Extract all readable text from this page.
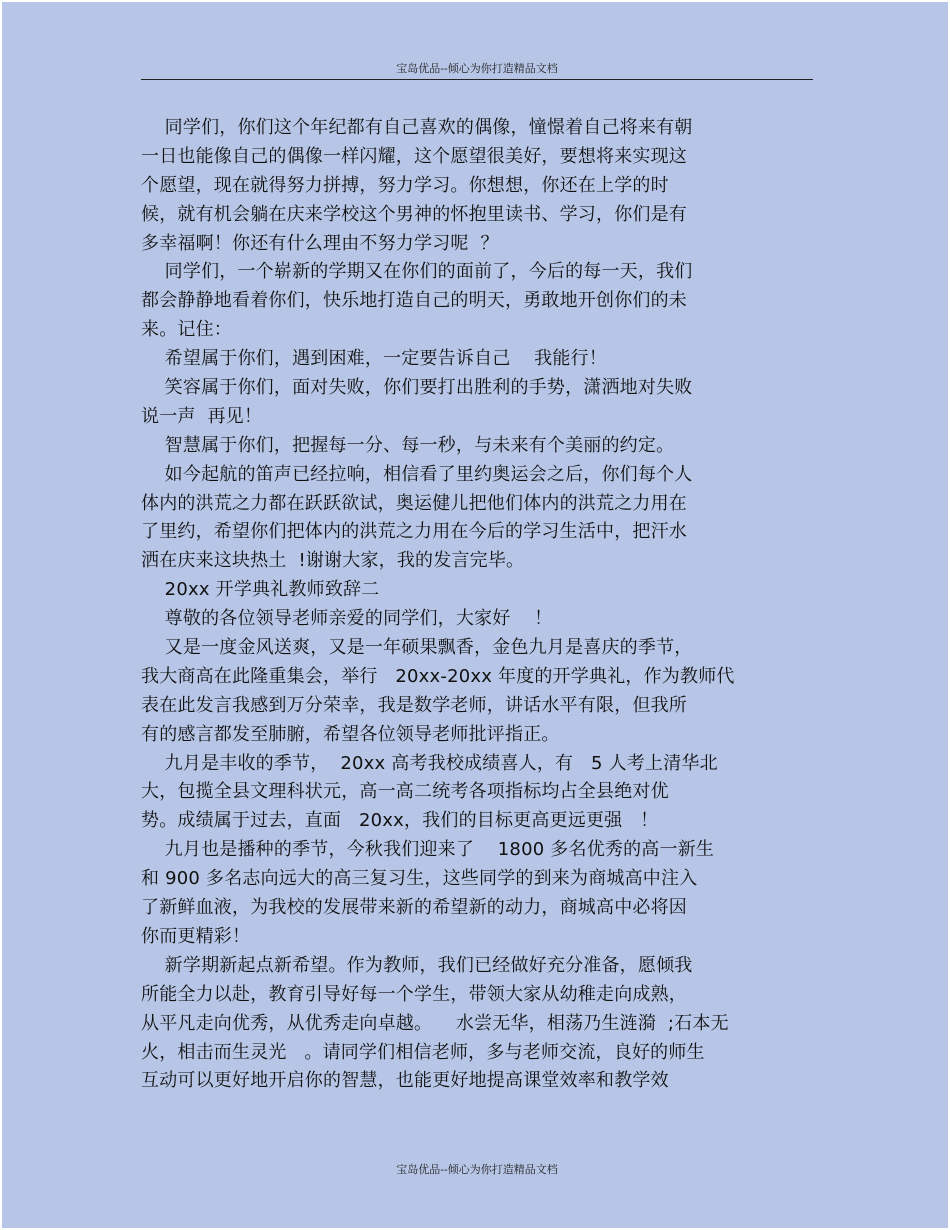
宝岛优品--倾心为你打造精品文档
同学们，你们这个年纪都有自己喜欢的偶像，憧憬着自己将来有朝
一日也能像自己的偶像一样闪耀，这个愿望很美好，要想将来实现这
个愿望，现在就得努力拼搏，努力学习。你想想，你还在上学的时
候，就有机会躺在庆来学校这个男神的怀抱里读书、学习，你们是有
多幸福啊！你还有什么理由不努力学习呢  ？
同学们，一个崭新的学期又在你们的面前了，今后的每一天，我们
都会静静地看着你们，快乐地打造自己的明天，勇敢地开创你们的未
来。记住：
希望属于你们，遇到困难，一定要告诉自己    我能行！
笑容属于你们，面对失败，你们要打出胜利的手势，潇洒地对失败
说一声  再见！
智慧属于你们，把握每一分、每一秒，与未来有个美丽的约定。
如今起航的笛声已经拉响，相信看了里约奥运会之后，你们每个人
体内的洪荒之力都在跃跃欲试，奥运健儿把他们体内的洪荒之力用在
了里约，希望你们把体内的洪荒之力用在今后的学习生活中，把汗水
洒在庆来这块热土  !谢谢大家，我的发言完毕。
20xx 开学典礼教师致辞二
尊敬的各位领导老师亲爱的同学们，大家好    ！
又是一度金风送爽，又是一年硕果飘香，金色九月是喜庆的季节，
我大商高在此隆重集会，举行   20xx-20xx 年度的开学典礼，作为教师代
表在此发言我感到万分荣幸，我是数学老师，讲话水平有限，但我所
有的感言都发至肺腑，希望各位领导老师批评指正。
九月是丰收的季节，  20xx 高考我校成绩喜人，有   5 人考上清华北
大，包揽全县文理科状元，高一高二统考各项指标均占全县绝对优
势。成绩属于过去，直面   20xx，我们的目标更高更远更强   ！
九月也是播种的季节，今秋我们迎来了    1800 多名优秀的高一新生
和 900 多名志向远大的高三复习生，这些同学的到来为商城高中注入
了新鲜血液，为我校的发展带来新的希望新的动力，商城高中必将因
你而更精彩！
新学期新起点新希望。作为教师，我们已经做好充分准备，愿倾我
所能全力以赴，教育引导好每一个学生，带领大家从幼稚走向成熟，
从平凡走向优秀，从优秀走向卓越。    水尝无华，相荡乃生涟漪  ;石本无
火，相击而生灵光   。请同学们相信老师，多与老师交流，良好的师生
互动可以更好地开启你的智慧，也能更好地提高课堂效率和教学效
宝岛优品--倾心为你打造精品文档
